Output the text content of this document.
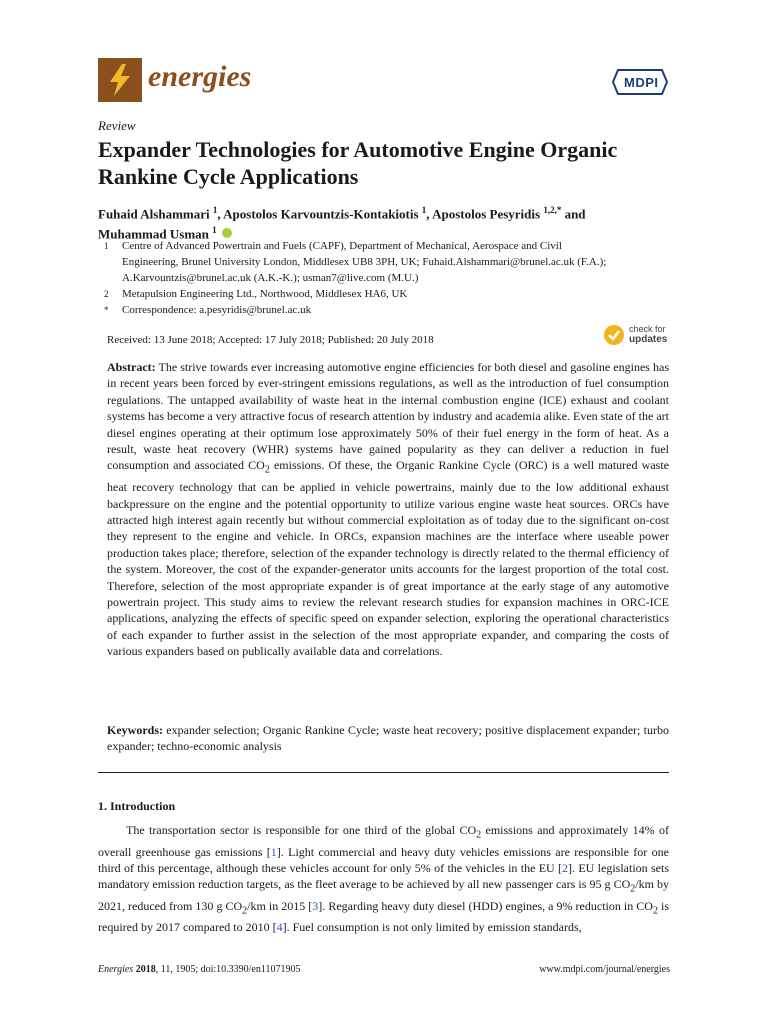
energies	MDPI
Review
Expander Technologies for Automotive Engine Organic Rankine Cycle Applications
Fuhaid Alshammari $^1$, Apostolos Karvountzis-Kontakiotis $^1$, Apostolos Pesyridis $^{1,2,*}$ and
Muhammad Usman $^1$
1 Centre of Advanced Powertrain and Fuels (CAPF), Department of Mechanical, Aerospace and Civil
Engineering, Brunel University London, Middlesex UB8 3PH, UK; Fuhaid.Alshammari@brunel.ac.uk (F.A.);
A.Karvountzis@brunel.ac.uk (A.K.-K.); usman7@live.com (M.U.)
2 Metapulsion Engineering Ltd., Northwood, Middlesex HA6, UK
* Correspondence: a.pesyridis@brunel.ac.uk
Received: 13 June 2018; Accepted: 17 July 2018; Published: 20 July 2018
check for
updates

Abstract: The strive towards ever increasing automotive engine efficiencies for both diesel and gasoline engines has in recent years been forced by ever-stringent emissions regulations, as well as the introduction of fuel consumption regulations. The untapped availability of waste heat in the internal combustion engine (ICE) exhaust and coolant systems has become a very attractive focus of research attention by industry and academia alike. Even state of the art diesel engines operating at their optimum lose approximately 50% of their fuel energy in the form of heat. As a result, waste heat recovery (WHR) systems have gained popularity as they can deliver a reduction in fuel consumption and associated $CO_2$ emissions. Of these, the Organic Rankine Cycle (ORC) is a well matured waste heat recovery technology that can be applied in vehicle powertrains, mainly due to the low additional exhaust backpressure on the engine and the potential opportunity to utilize various engine waste heat sources. ORCs have attracted high interest again recently but without commercial exploitation as of today due to the significant on-cost they represent to the engine and vehicle. In ORCs, expansion machines are the interface where useable power production takes place; therefore, selection of the expander technology is directly related to the thermal efficiency of the system. Moreover, the cost of the expander-generator units accounts for the largest proportion of the total cost. Therefore, selection of the most appropriate expander is of great importance at the early stage of any automotive powertrain project. This study aims to review the relevant research studies for expansion machines in ORC-ICE applications, analyzing the effects of specific speed on expander selection, exploring the operational characteristics of each expander to further assist in the selection of the most appropriate expander, and comparing the costs of various expanders based on publically available data and correlations.

Keywords: expander selection; Organic Rankine Cycle; waste heat recovery; positive displacement expander; turbo expander; techno-economic analysis

1. Introduction

The transportation sector is responsible for one third of the global $CO_2$ emissions and approximately 14% of overall greenhouse gas emissions [1]. Light commercial and heavy duty vehicles emissions are responsible for one third of this percentage, although these vehicles account for only 5% of the vehicles in the EU [2]. EU legislation sets mandatory emission reduction targets, as the fleet average to be achieved by all new passenger cars is 95 g $CO_2/km$ by 2021, reduced from 130 g $CO_2/km$ in 2015 [3]. Regarding heavy duty diesel (HDD) engines, a 9% reduction in $CO_2$ is required by 2017 compared to 2010 [4]. Fuel consumption is not only limited by emission standards,

Energies 2018, 11, 1905; doi:10.3390/en11071905	www.mdpi.com/journal/energies
